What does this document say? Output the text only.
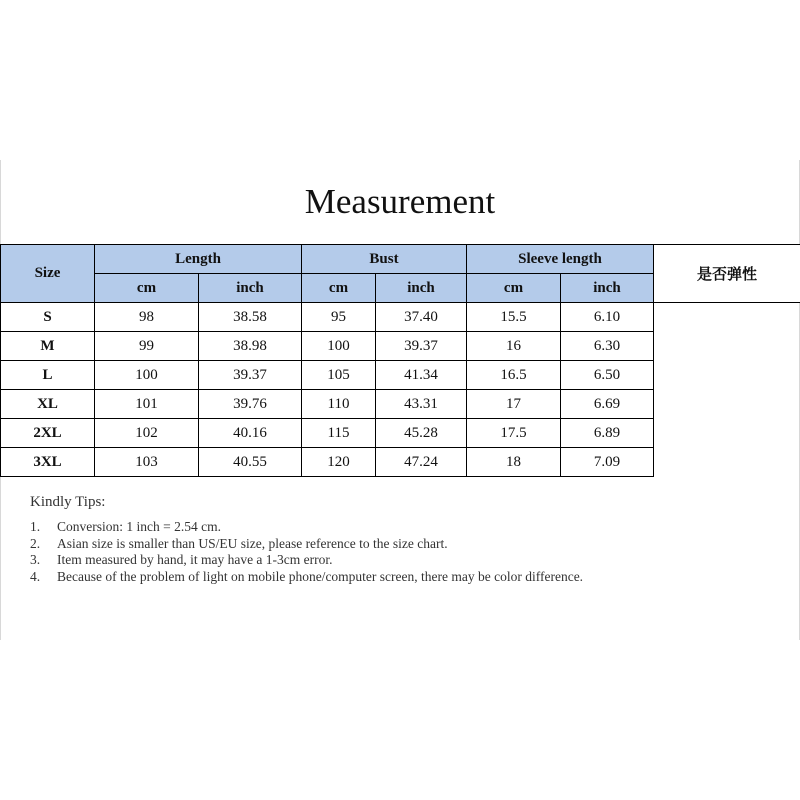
Measurement
Size	Length		Bust		Sleeve length		是否弹性
	cm	inch	cm	inch	cm	inch	
S	98	38.58	95	37.40	15.5	6.10	
M	99	38.98	100	39.37	16	6.30	
L	100	39.37	105	41.34	16.5	6.50	
XL	101	39.76	110	43.31	17	6.69	
2XL	102	40.16	115	45.28	17.5	6.89	
3XL	103	40.55	120	47.24	18	7.09	
Kindly Tips:
1.	Conversion: 1 inch = 2.54 cm.
2.	Asian size is smaller than US/EU size, please reference to the size chart.
3.	Item measured by hand, it may have a 1-3cm error.
4.	Because of the problem of light on mobile phone/computer screen, there may be color difference.
